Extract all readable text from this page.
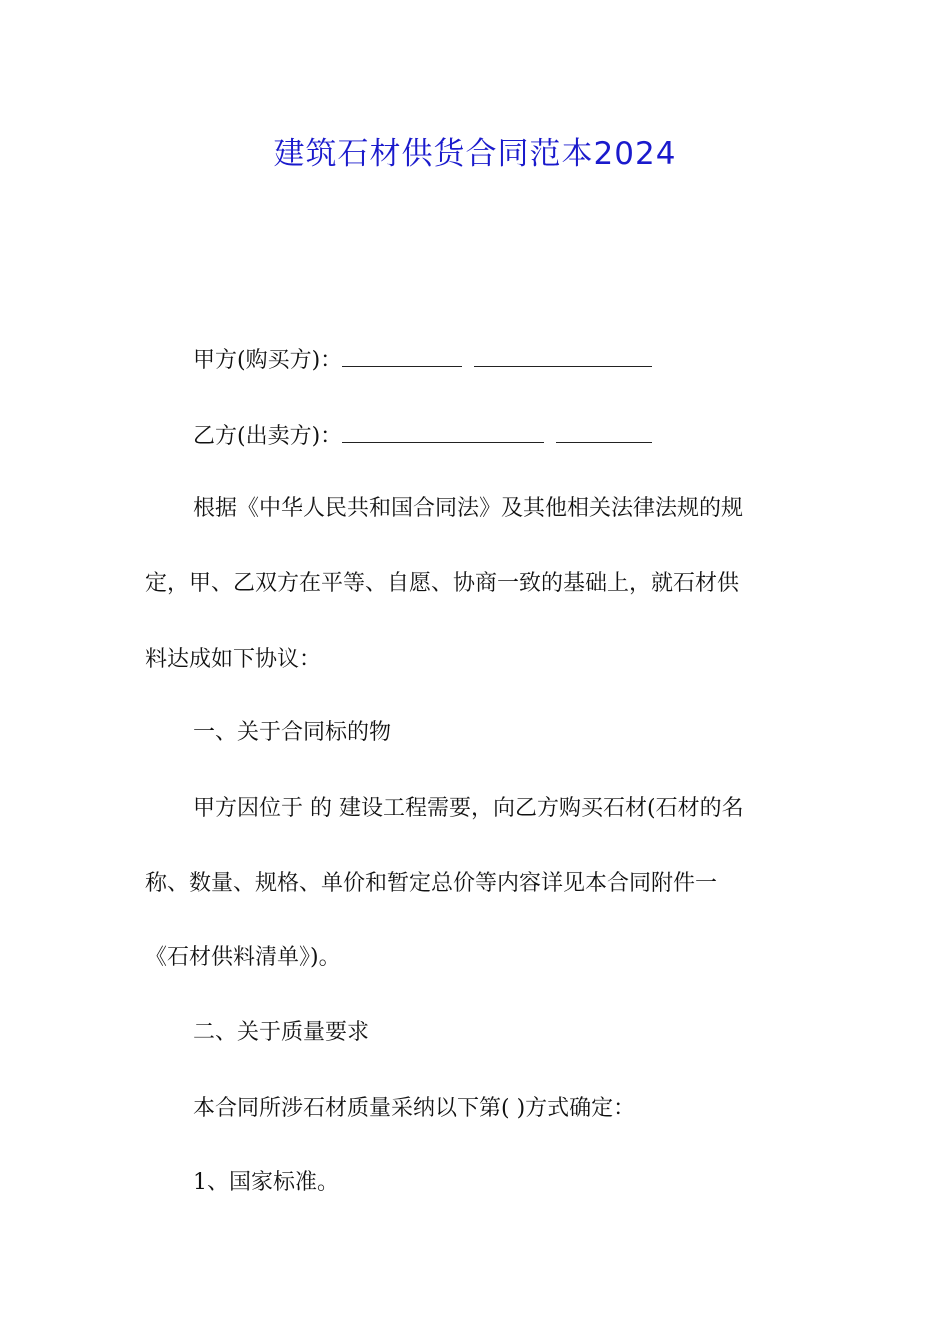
建筑石材供货合同范本2024
甲方(购买方)：
乙方(出卖方)：
根据《中华人民共和国合同法》及其他相关法律法规的规
定，甲、乙双方在平等、自愿、协商一致的基础上，就石材供
料达成如下协议：
一、关于合同标的物
甲方因位于 的 建设工程需要，向乙方购买石材(石材的名
称、数量、规格、单价和暂定总价等内容详见本合同附件一
《石材供料清单》)。
二、关于质量要求
本合同所涉石材质量采纳以下第( )方式确定：
1、国家标准。
